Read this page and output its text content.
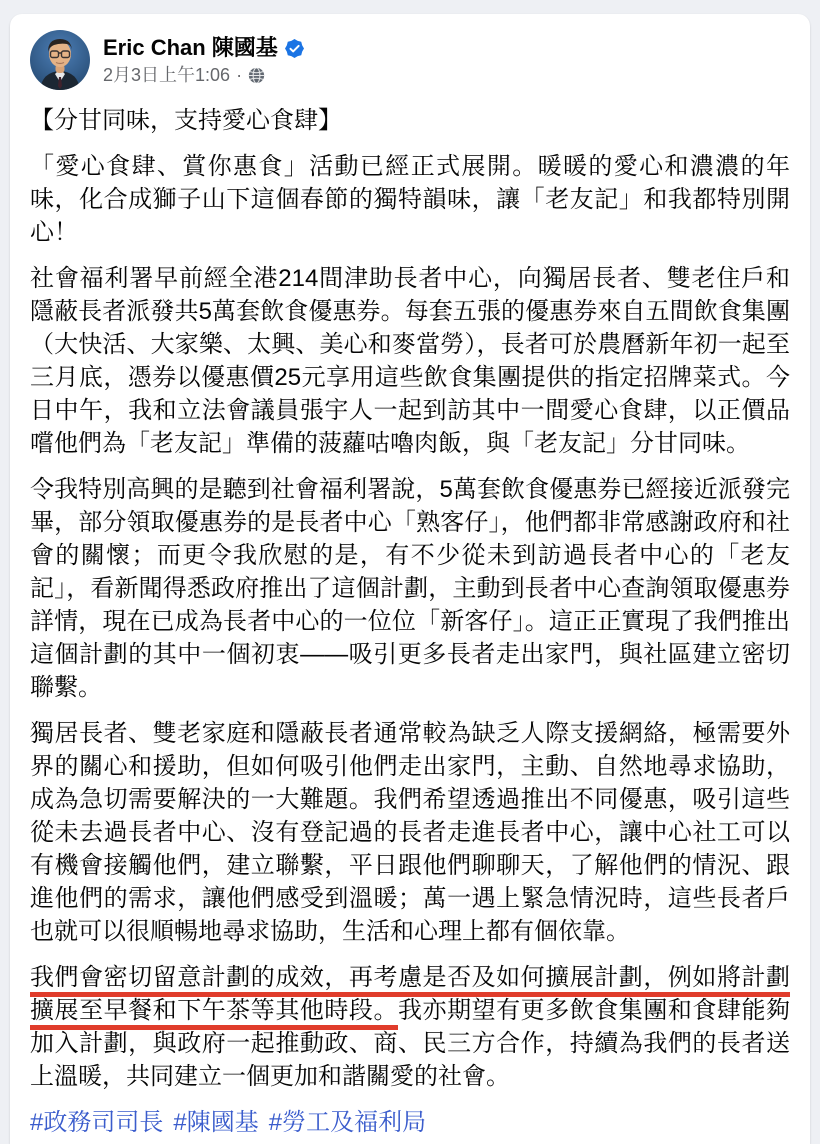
Eric Chan 陳國基
2月3日上午1:06 ·

【分甘同味，支持愛心食肆】

「愛心食肆、賞你惠食」活動已經正式展開。暖暖的愛心和濃濃的年味，化合成獅子山下這個春節的獨特韻味，讓「老友記」和我都特別開心！

社會福利署早前經全港214間津助長者中心，向獨居長者、雙老住戶和隱蔽長者派發共5萬套飲食優惠券。每套五張的優惠券來自五間飲食集團（大快活、大家樂、太興、美心和麥當勞），長者可於農曆新年初一起至三月底，憑券以優惠價25元享用這些飲食集團提供的指定招牌菜式。今日中午，我和立法會議員張宇人一起到訪其中一間愛心食肆，以正價品嚐他們為「老友記」準備的菠蘿咕嚕肉飯，與「老友記」分甘同味。

令我特別高興的是聽到社會福利署說，5萬套飲食優惠券已經接近派發完畢，部分領取優惠券的是長者中心「熟客仔」，他們都非常感謝政府和社會的關懷；而更令我欣慰的是，有不少從未到訪過長者中心的「老友記」，看新聞得悉政府推出了這個計劃，主動到長者中心查詢領取優惠券詳情，現在已成為長者中心的一位位「新客仔」。這正正實現了我們推出這個計劃的其中一個初衷——吸引更多長者走出家門，與社區建立密切聯繫。

獨居長者、雙老家庭和隱蔽長者通常較為缺乏人際支援網絡，極需要外界的關心和援助，但如何吸引他們走出家門，主動、自然地尋求協助，成為急切需要解決的一大難題。我們希望透過推出不同優惠，吸引這些從未去過長者中心、沒有登記過的長者走進長者中心，讓中心社工可以有機會接觸他們，建立聯繫，平日跟他們聊聊天，了解他們的情況、跟進他們的需求，讓他們感受到溫暖；萬一遇上緊急情況時，這些長者戶也就可以很順暢地尋求協助，生活和心理上都有個依靠。

我們會密切留意計劃的成效，再考慮是否及如何擴展計劃，例如將計劃擴展至早餐和下午茶等其他時段。我亦期望有更多飲食集團和食肆能夠加入計劃，與政府一起推動政、商、民三方合作，持續為我們的長者送上溫暖，共同建立一個更加和諧關愛的社會。

#政務司司長 #陳國基 #勞工及福利局
